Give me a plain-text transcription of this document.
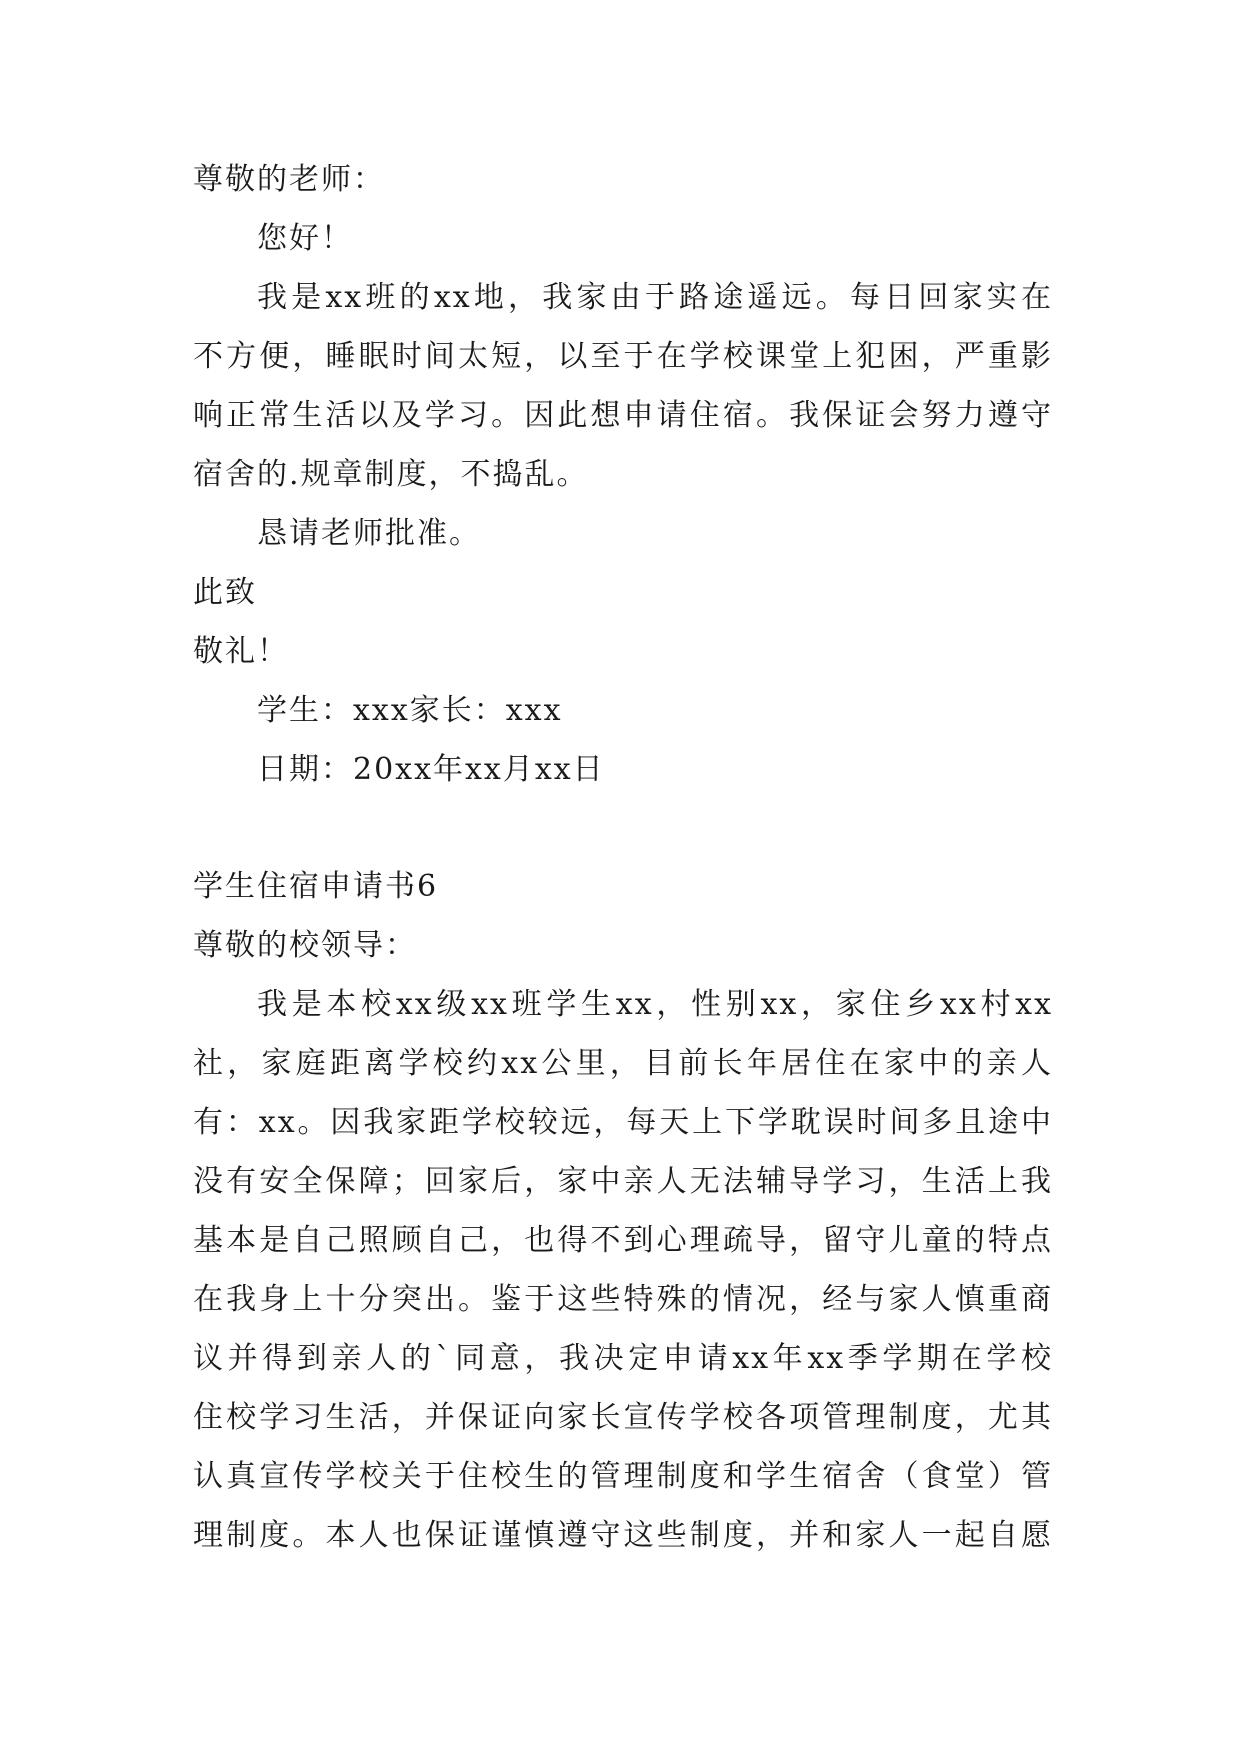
尊敬的老师：
您好！
我是xx班的xx地，我家由于路途遥远。每日回家实在
不方便，睡眠时间太短，以至于在学校课堂上犯困，严重影
响正常生活以及学习。因此想申请住宿。我保证会努力遵守
宿舍的.规章制度，不捣乱。
恳请老师批准。
此致
敬礼！
学生：xxx家长：xxx
日期：20xx年xx月xx日
学生住宿申请书6
尊敬的校领导：
我是本校xx级xx班学生xx，性别xx，家住乡xx村xx
社，家庭距离学校约xx公里，目前长年居住在家中的亲人
有：xx。因我家距学校较远，每天上下学耽误时间多且途中
没有安全保障；回家后，家中亲人无法辅导学习，生活上我
基本是自己照顾自己，也得不到心理疏导，留守儿童的特点
在我身上十分突出。鉴于这些特殊的情况，经与家人慎重商
议并得到亲人的`同意，我决定申请xx年xx季学期在学校
住校学习生活，并保证向家长宣传学校各项管理制度，尤其
认真宣传学校关于住校生的管理制度和学生宿舍（食堂）管
理制度。本人也保证谨慎遵守这些制度，并和家人一起自愿
